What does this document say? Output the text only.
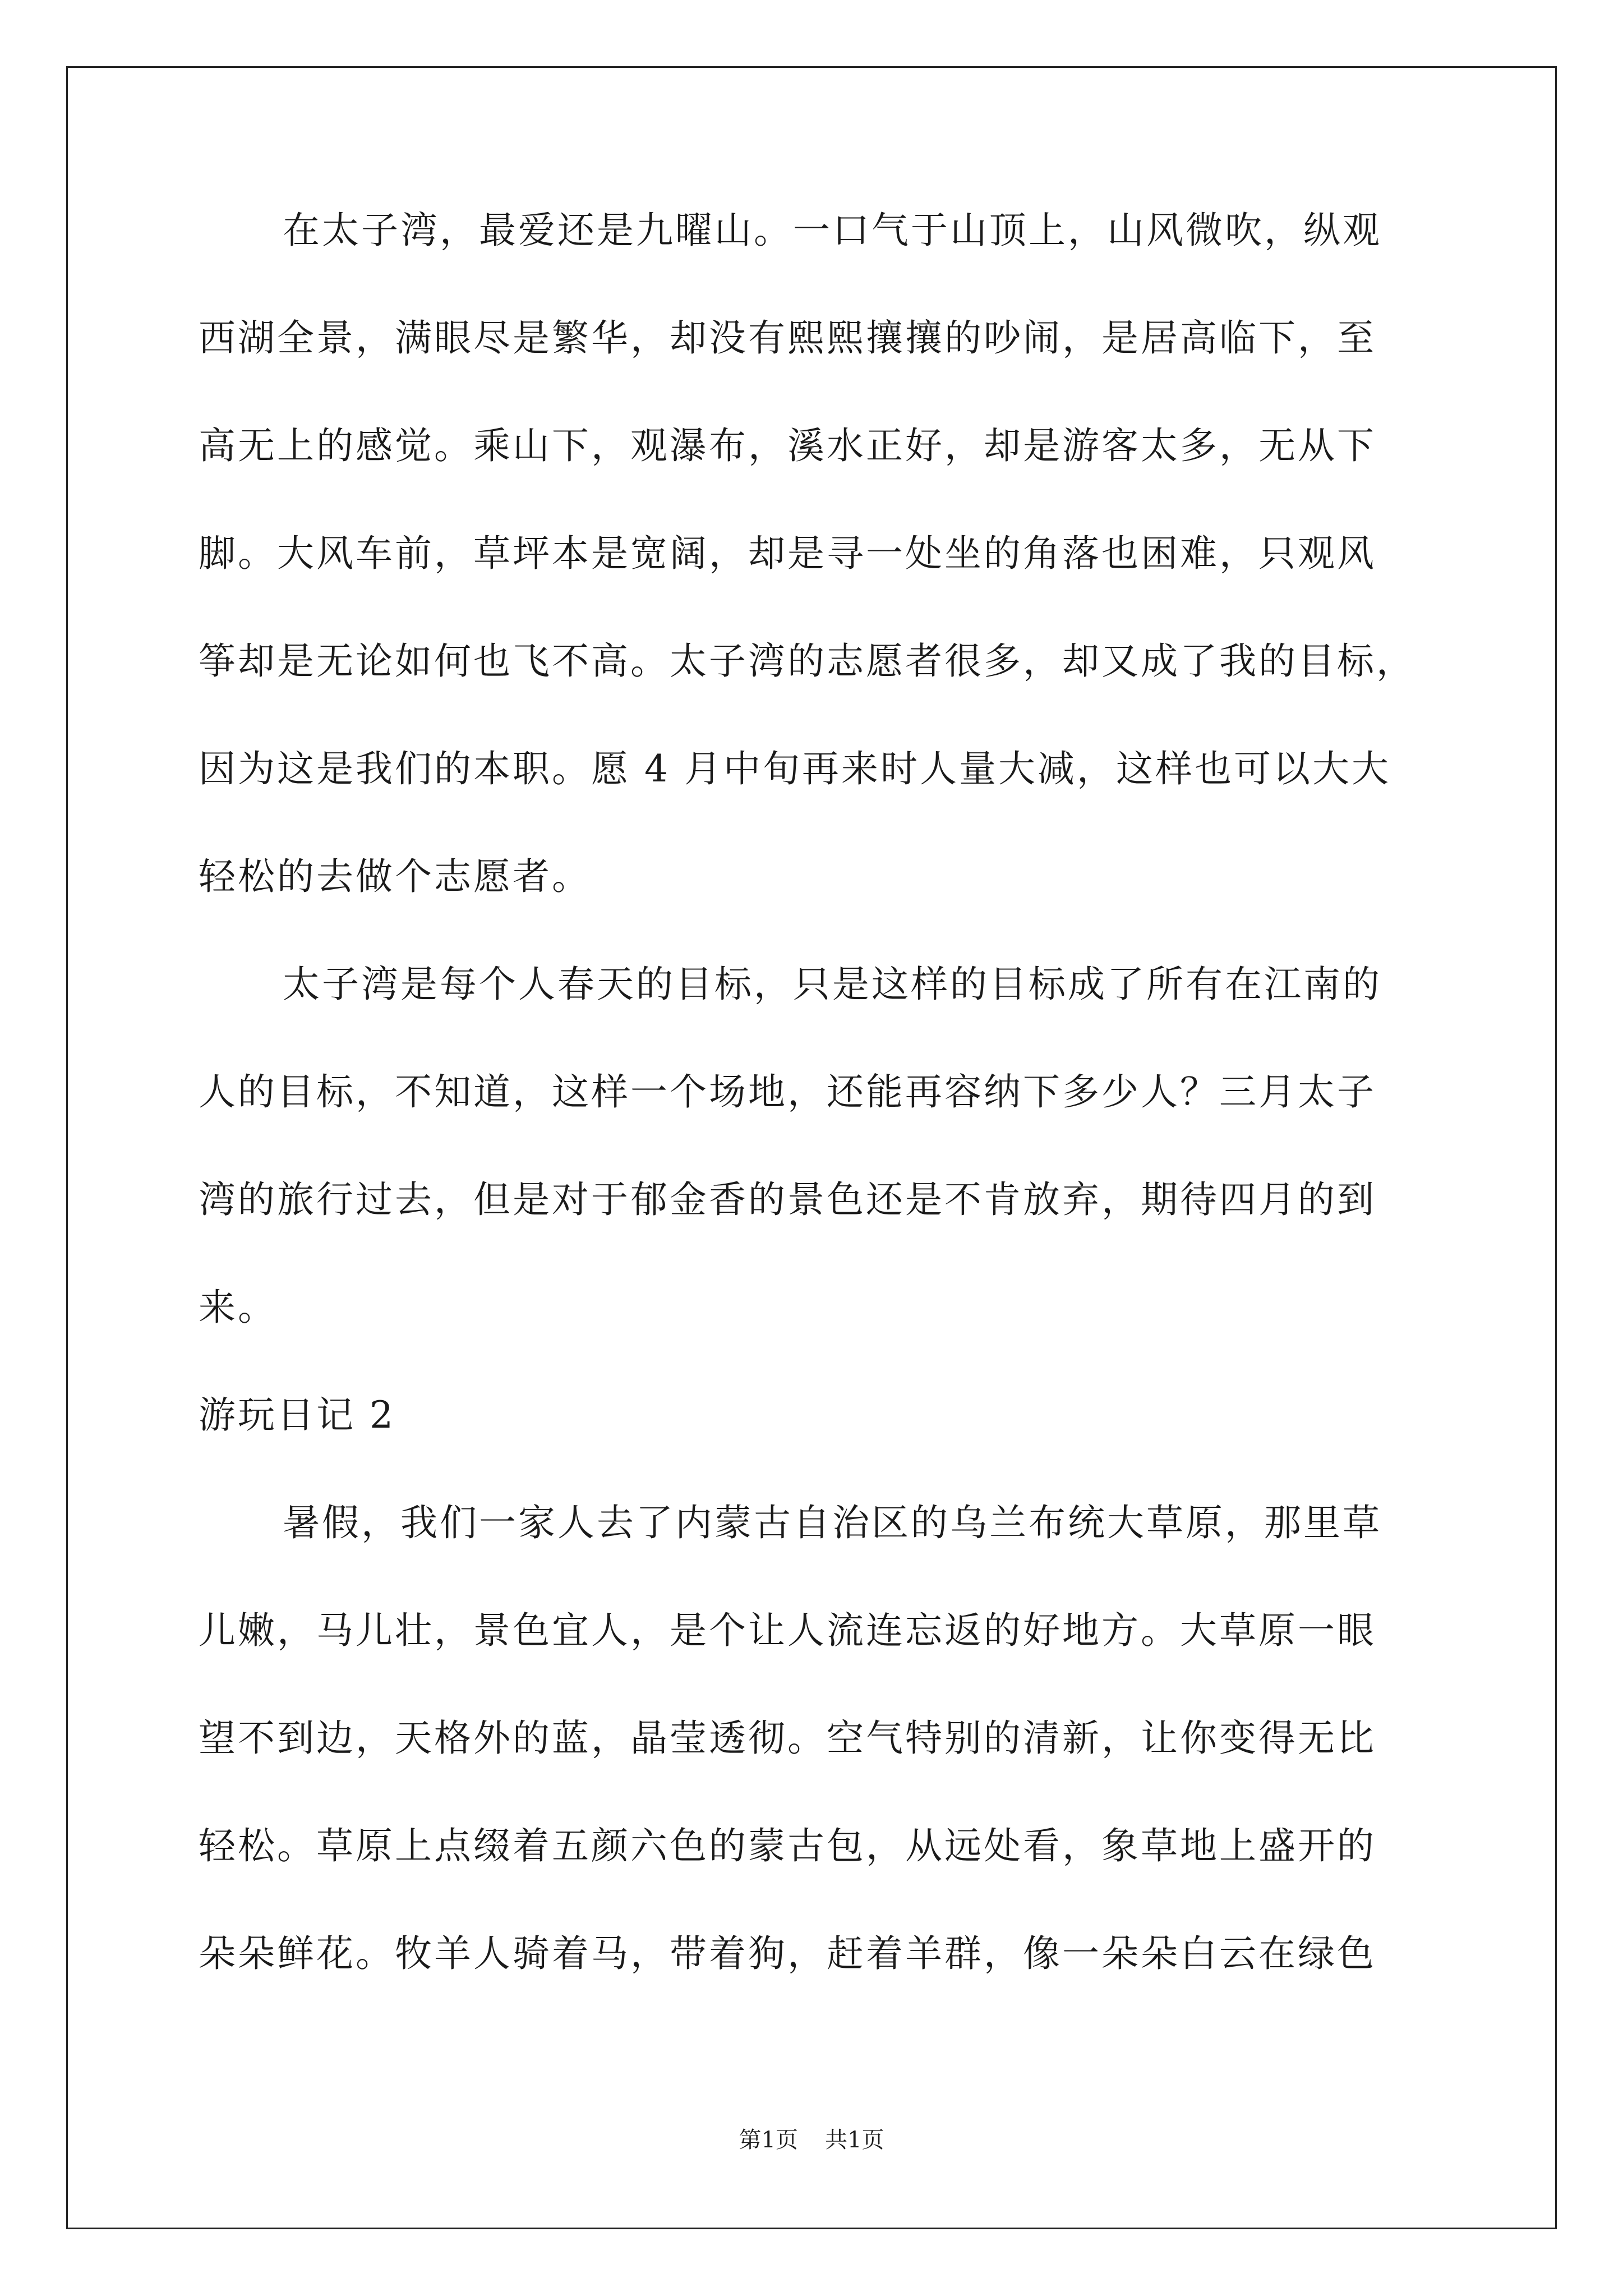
在太子湾，最爱还是九曜山。一口气于山顶上，山风微吹，纵观
西湖全景，满眼尽是繁华，却没有熙熙攘攘的吵闹，是居高临下，至
高无上的感觉。乘山下，观瀑布，溪水正好，却是游客太多，无从下
脚。大风车前，草坪本是宽阔，却是寻一处坐的角落也困难，只观风
筝却是无论如何也飞不高。太子湾的志愿者很多，却又成了我的目标，
因为这是我们的本职。愿 4 月中旬再来时人量大减，这样也可以大大
轻松的去做个志愿者。
太子湾是每个人春天的目标，只是这样的目标成了所有在江南的
人的目标，不知道，这样一个场地，还能再容纳下多少人？三月太子
湾的旅行过去，但是对于郁金香的景色还是不肯放弃，期待四月的到
来。
游玩日记 2
暑假，我们一家人去了内蒙古自治区的乌兰布统大草原，那里草
儿嫩，马儿壮，景色宜人，是个让人流连忘返的好地方。大草原一眼
望不到边，天格外的蓝，晶莹透彻。空气特别的清新，让你变得无比
轻松。草原上点缀着五颜六色的蒙古包，从远处看，象草地上盛开的
朵朵鲜花。牧羊人骑着马，带着狗，赶着羊群，像一朵朵白云在绿色
第1页 共1页
